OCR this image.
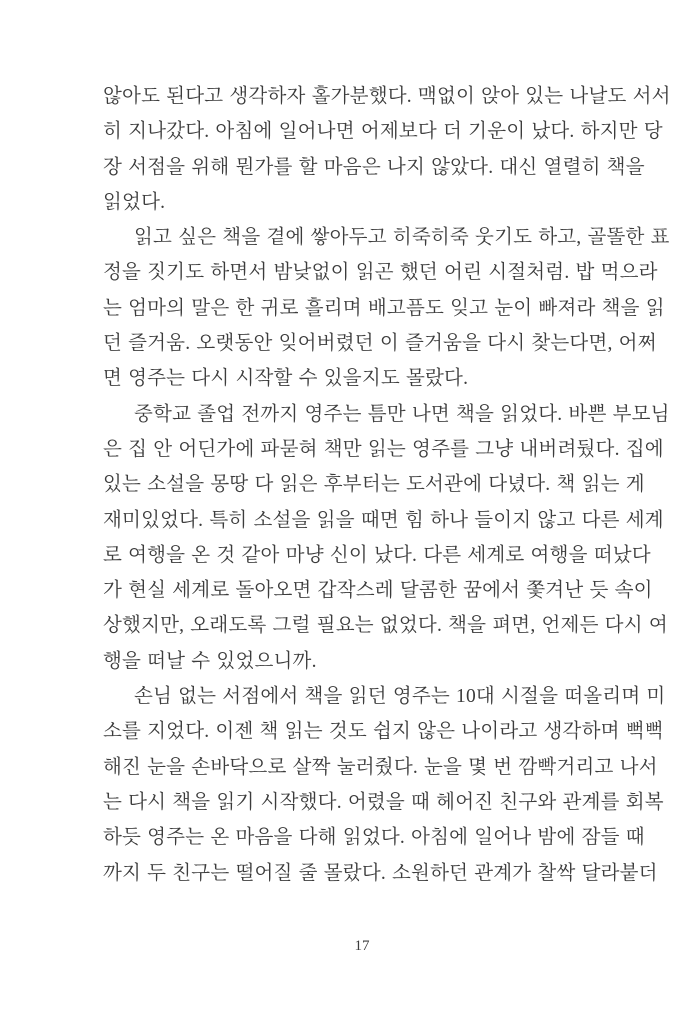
않아도 된다고 생각하자 홀가분했다. 맥없이 앉아 있는 나날도 서서

히 지나갔다. 아침에 일어나면 어제보다 더 기운이 났다. 하지만 당

장 서점을 위해 뭔가를 할 마음은 나지 않았다. 대신 열렬히 책을

읽었다.

읽고 싶은 책을 곁에 쌓아두고 히죽히죽 웃기도 하고, 골똘한 표

정을 짓기도 하면서 밤낮없이 읽곤 했던 어린 시절처럼. 밥 먹으라

는 엄마의 말은 한 귀로 흘리며 배고픔도 잊고 눈이 빠져라 책을 읽

던 즐거움. 오랫동안 잊어버렸던 이 즐거움을 다시 찾는다면, 어쩌

면 영주는 다시 시작할 수 있을지도 몰랐다.

중학교 졸업 전까지 영주는 틈만 나면 책을 읽었다. 바쁜 부모님

은 집 안 어딘가에 파묻혀 책만 읽는 영주를 그냥 내버려뒀다. 집에

있는 소설을 몽땅 다 읽은 후부터는 도서관에 다녔다. 책 읽는 게

재미있었다. 특히 소설을 읽을 때면 힘 하나 들이지 않고 다른 세계

로 여행을 온 것 같아 마냥 신이 났다. 다른 세계로 여행을 떠났다

가 현실 세계로 돌아오면 갑작스레 달콤한 꿈에서 쫓겨난 듯 속이

상했지만, 오래도록 그럴 필요는 없었다. 책을 펴면, 언제든 다시 여

행을 떠날 수 있었으니까.

손님 없는 서점에서 책을 읽던 영주는 10대 시절을 떠올리며 미

소를 지었다. 이젠 책 읽는 것도 쉽지 않은 나이라고 생각하며 뻑뻑

해진 눈을 손바닥으로 살짝 눌러줬다. 눈을 몇 번 깜빡거리고 나서

는 다시 책을 읽기 시작했다. 어렸을 때 헤어진 친구와 관계를 회복

하듯 영주는 온 마음을 다해 읽었다. 아침에 일어나 밤에 잠들 때

까지 두 친구는 떨어질 줄 몰랐다. 소원하던 관계가 찰싹 달라붙더

17
